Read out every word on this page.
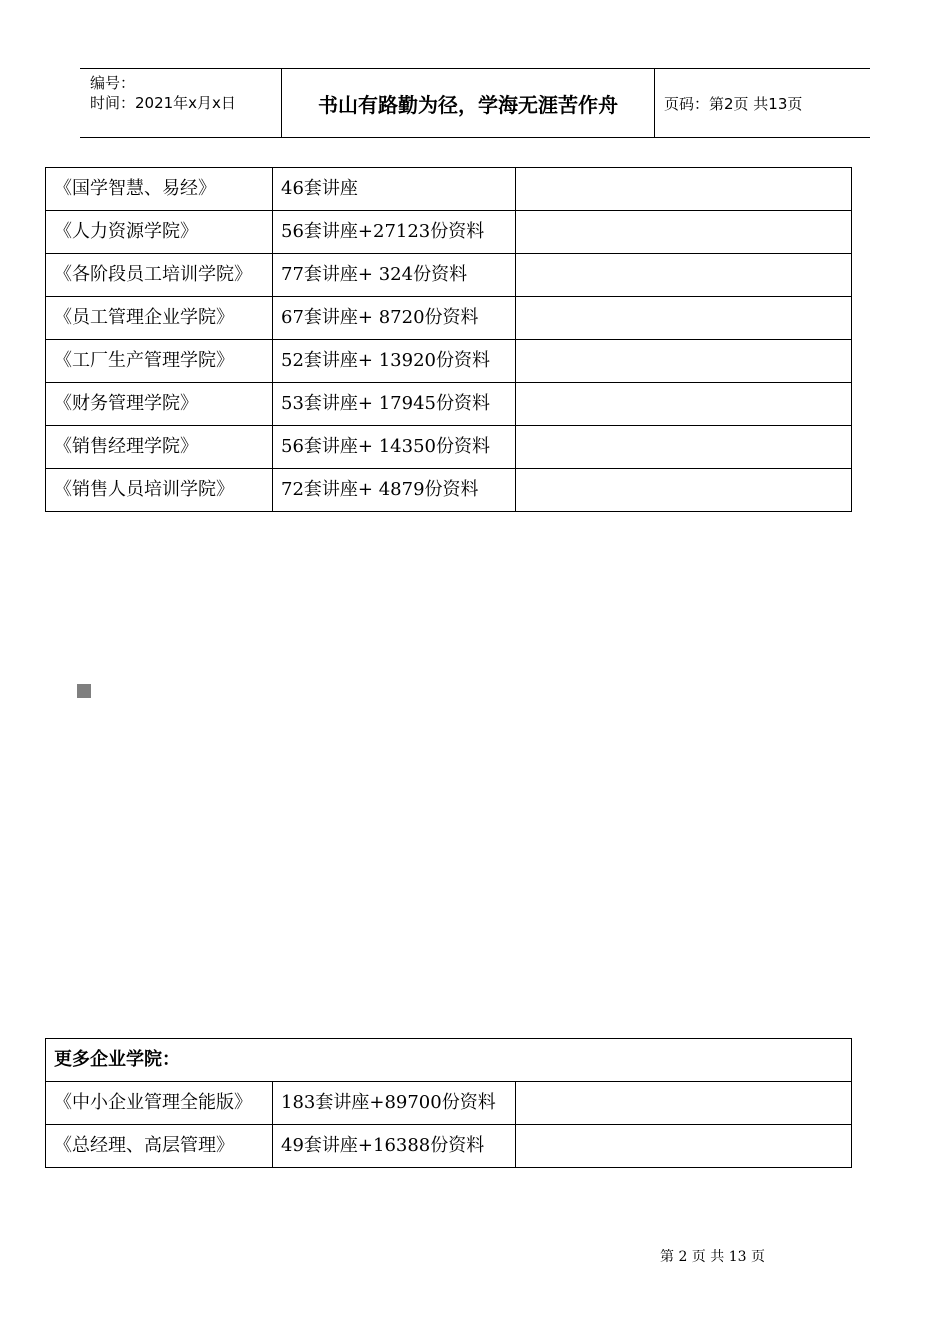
编号：
时间：2021年x月x日	书山有路勤为径，学海无涯苦作舟	页码：第2页 共13页
《国学智慧、易经》	46套讲座	
《人力资源学院》	56套讲座+27123份资料	
《各阶段员工培训学院》	77套讲座+ 324份资料	
《员工管理企业学院》	67套讲座+ 8720份资料	
《工厂生产管理学院》	52套讲座+ 13920份资料	
《财务管理学院》	53套讲座+ 17945份资料	
《销售经理学院》	56套讲座+ 14350份资料	
《销售人员培训学院》	72套讲座+ 4879份资料	
更多企业学院：		
《中小企业管理全能版》	183套讲座+89700份资料	
《总经理、高层管理》	49套讲座+16388份资料	
第 2 页 共 13 页
